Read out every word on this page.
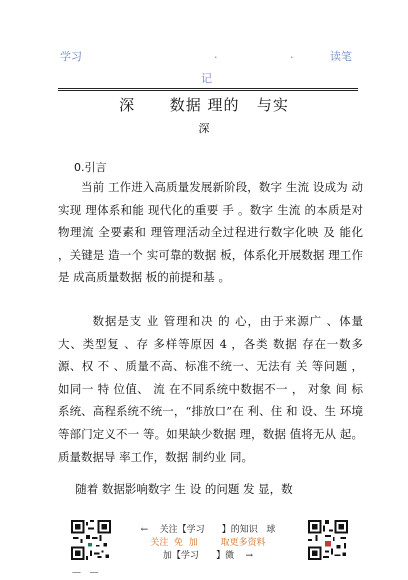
学习	.	.	读笔
记
深      数据 理的   与实
深
0.引言
当前 工作进入高质量发展新阶段，数字 生流 设成为 动实现 理体系和能 现代化的重要 手 。数字 生流 的本质是对物理流 全要素和 理管理活动全过程进行数字化映 及 能化 ，关键是 造一个 实可靠的数据 板，体系化开展数据 理工作是 成高质量数据 板的前提和基 。
数据是支 业 管理和决 的 心，由于来源广 、体量 大、类型复 、存 多样等原因 4 ，各类 数据 存在一数多源、权 不 、质量不高、标准不统一、无法有 关 等问题 ，如同一 特 位值、 流 在不同系统中数据不一 ， 对象 间 标系统、高程系统不统一，“排放口”在 利、住 和 设、生 环境等部门定义不一 等。如果缺少数据 理，数据 值将无从 起。质量数据导 率工作，数据 制约业 同。
随着 数据影响数字 生 设 的问题 发 显，数
←    关注【学习      】的知识   球
关注  免  加        取更多资料
加【学习      】微    →
—   —
